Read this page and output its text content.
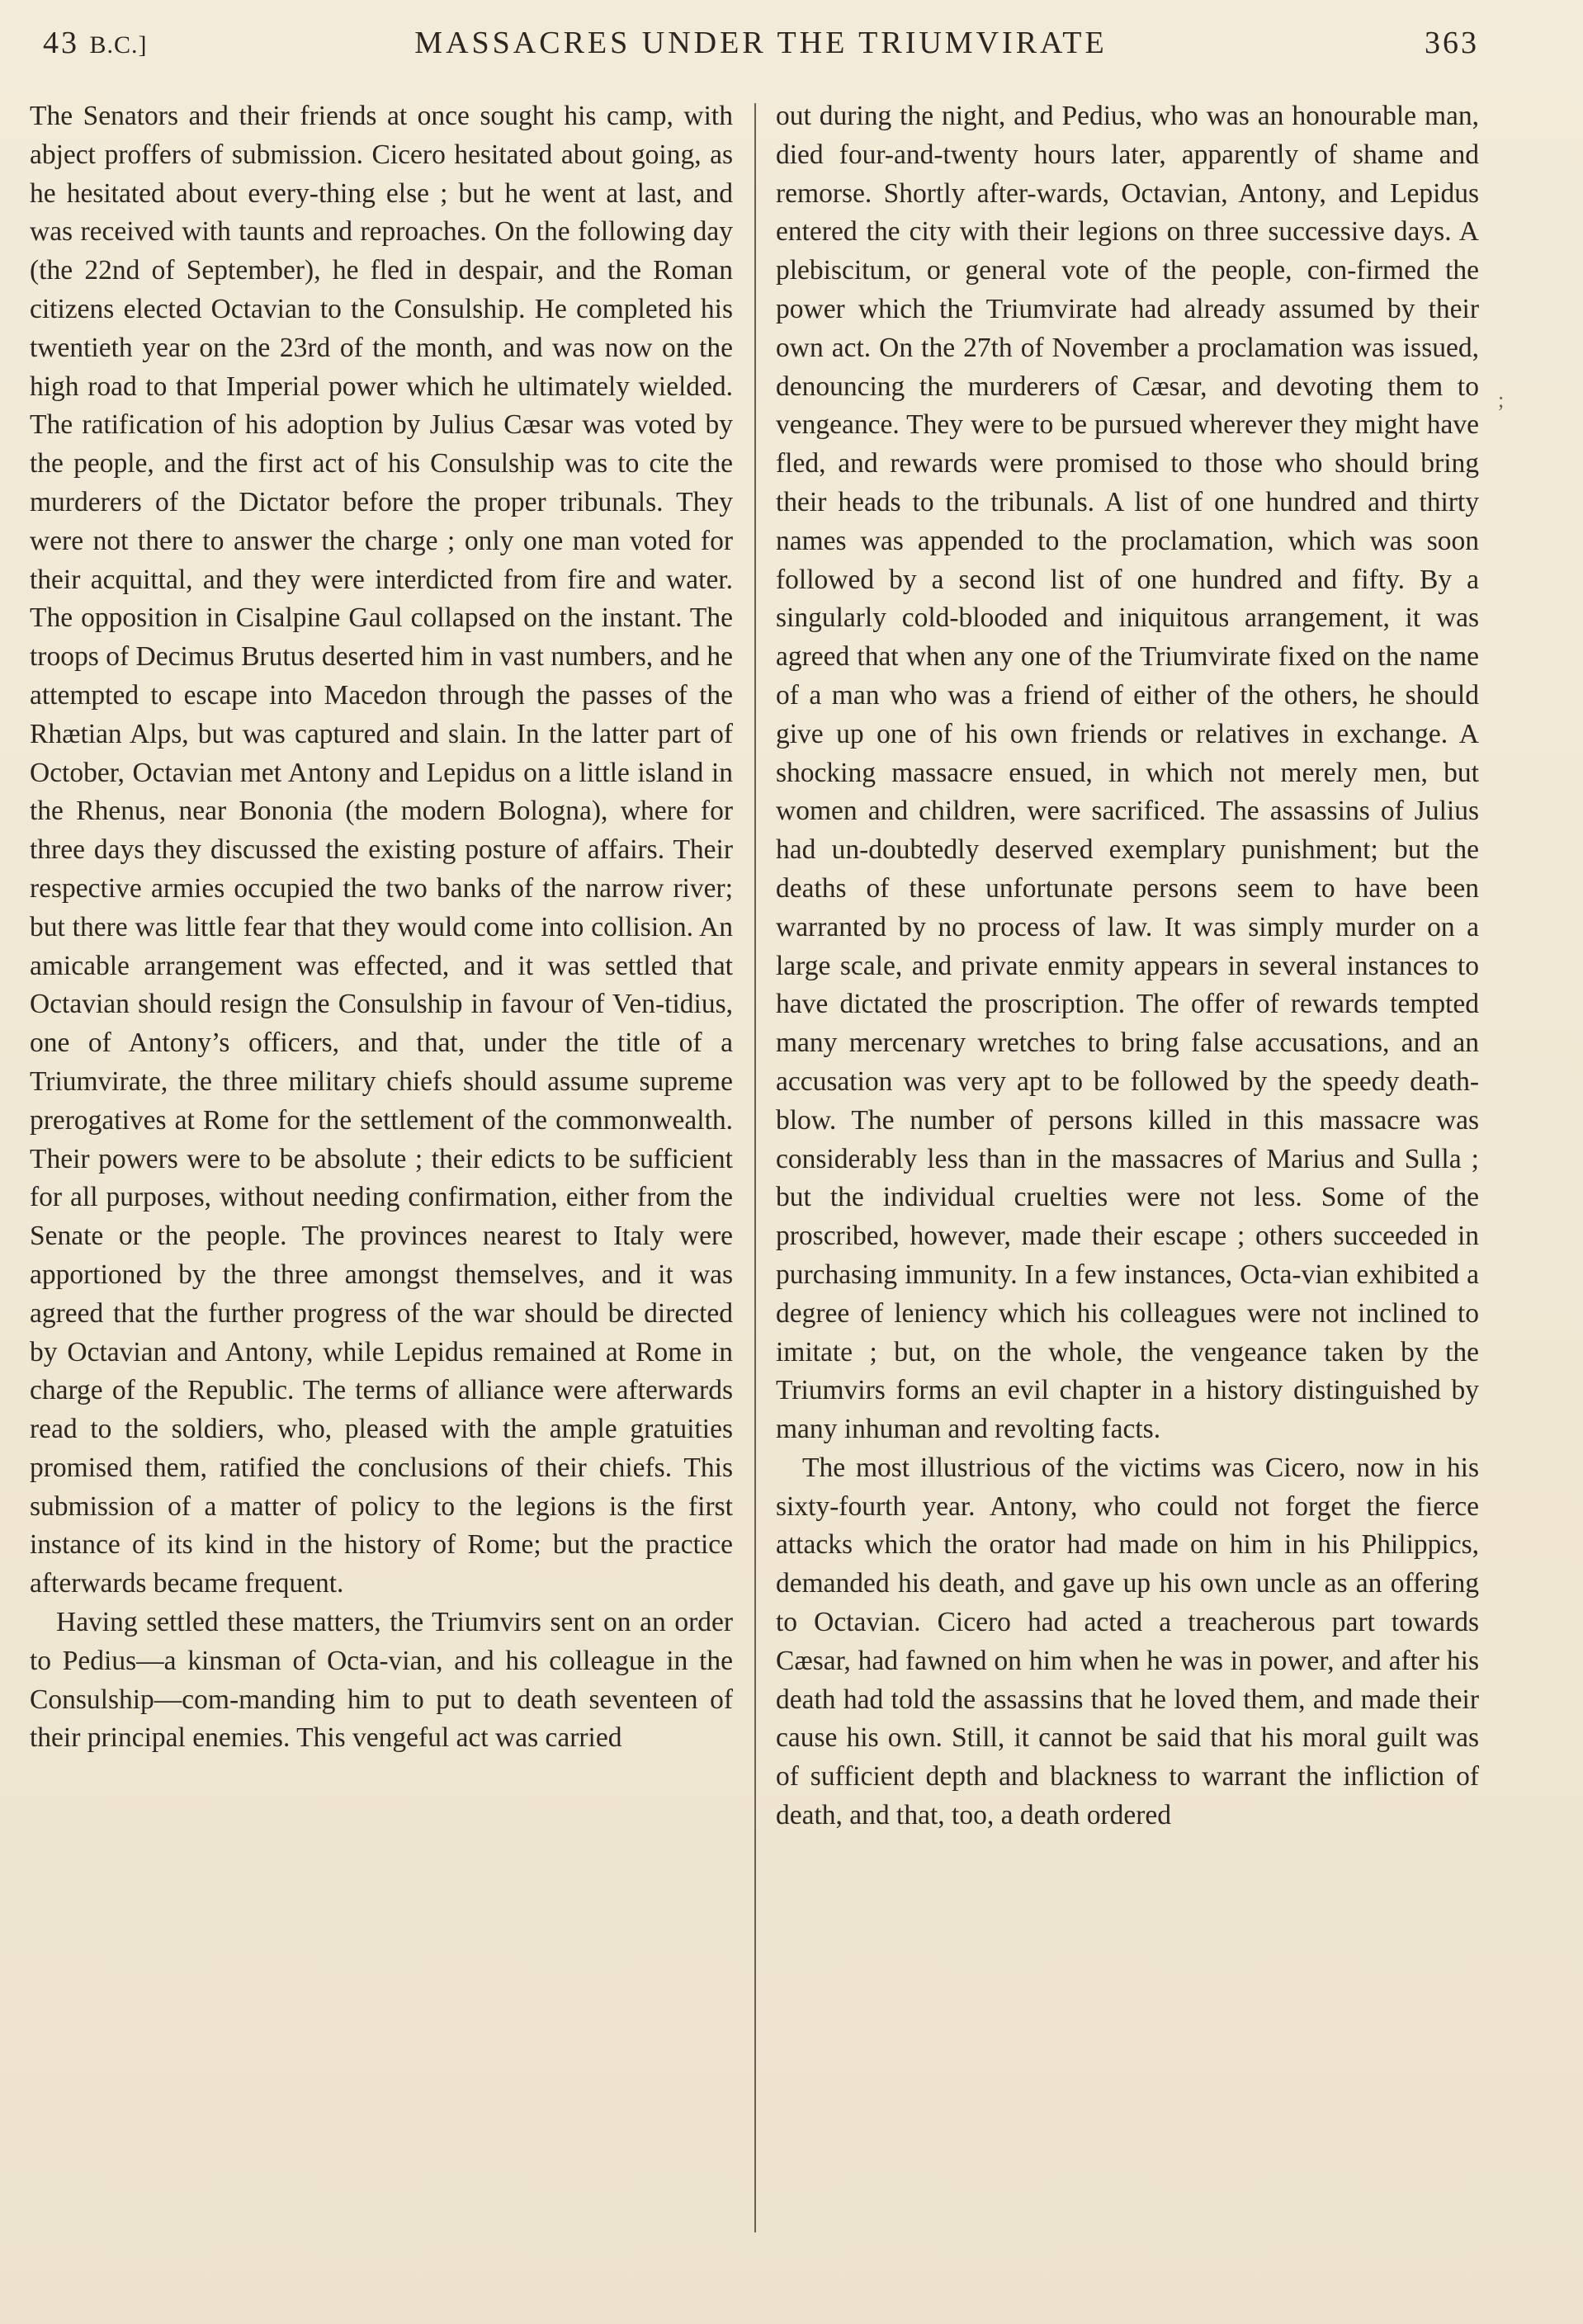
43 B.C.]	MASSACRES UNDER THE TRIUMVIRATE	363

The Senators and their friends at once sought his camp, with abject proffers of submission. Cicero hesitated about going, as he hesitated about every-thing else ; but he went at last, and was received with taunts and reproaches. On the following day (the 22nd of September), he fled in despair, and the Roman citizens elected Octavian to the Consulship. He completed his twentieth year on the 23rd of the month, and was now on the high road to that Imperial power which he ultimately wielded. The ratification of his adoption by Julius Cæsar was voted by the people, and the first act of his Consulship was to cite the murderers of the Dictator before the proper tribunals. They were not there to answer the charge ; only one man voted for their acquittal, and they were interdicted from fire and water. The opposition in Cisalpine Gaul collapsed on the instant. The troops of Decimus Brutus deserted him in vast numbers, and he attempted to escape into Macedon through the passes of the Rhætian Alps, but was captured and slain. In the latter part of October, Octavian met Antony and Lepidus on a little island in the Rhenus, near Bononia (the modern Bologna), where for three days they discussed the existing posture of affairs. Their respective armies occupied the two banks of the narrow river; but there was little fear that they would come into collision. An amicable arrangement was effected, and it was settled that Octavian should resign the Consulship in favour of Ven-tidius, one of Antony’s officers, and that, under the title of a Triumvirate, the three military chiefs should assume supreme prerogatives at Rome for the settlement of the commonwealth. Their powers were to be absolute ; their edicts to be sufficient for all purposes, without needing confirmation, either from the Senate or the people. The provinces nearest to Italy were apportioned by the three amongst themselves, and it was agreed that the further progress of the war should be directed by Octavian and Antony, while Lepidus remained at Rome in charge of the Republic. The terms of alliance were afterwards read to the soldiers, who, pleased with the ample gratuities promised them, ratified the conclusions of their chiefs. This submission of a matter of policy to the legions is the first instance of its kind in the history of Rome; but the practice afterwards became frequent.

Having settled these matters, the Triumvirs sent on an order to Pedius—a kinsman of Octa-vian, and his colleague in the Consulship—com-manding him to put to death seventeen of their principal enemies. This vengeful act was carried

out during the night, and Pedius, who was an honourable man, died four-and-twenty hours later, apparently of shame and remorse. Shortly after-wards, Octavian, Antony, and Lepidus entered the city with their legions on three successive days. A plebiscitum, or general vote of the people, con-firmed the power which the Triumvirate had already assumed by their own act. On the 27th of November a proclamation was issued, denouncing the murderers of Cæsar, and devoting them to vengeance. They were to be pursued wherever they might have fled, and rewards were promised to those who should bring their heads to the tribunals. A list of one hundred and thirty names was appended to the proclamation, which was soon followed by a second list of one hundred and fifty. By a singularly cold-blooded and iniquitous arrangement, it was agreed that when any one of the Triumvirate fixed on the name of a man who was a friend of either of the others, he should give up one of his own friends or relatives in exchange. A shocking massacre ensued, in which not merely men, but women and children, were sacrificed. The assassins of Julius had un-doubtedly deserved exemplary punishment; but the deaths of these unfortunate persons seem to have been warranted by no process of law. It was simply murder on a large scale, and private enmity appears in several instances to have dictated the proscription. The offer of rewards tempted many mercenary wretches to bring false accusations, and an accusation was very apt to be followed by the speedy death-blow. The number of persons killed in this massacre was considerably less than in the massacres of Marius and Sulla ; but the individual cruelties were not less. Some of the proscribed, however, made their escape ; others succeeded in purchasing immunity. In a few instances, Octa-vian exhibited a degree of leniency which his colleagues were not inclined to imitate ; but, on the whole, the vengeance taken by the Triumvirs forms an evil chapter in a history distinguished by many inhuman and revolting facts.

The most illustrious of the victims was Cicero, now in his sixty-fourth year. Antony, who could not forget the fierce attacks which the orator had made on him in his Philippics, demanded his death, and gave up his own uncle as an offering to Octavian. Cicero had acted a treacherous part towards Cæsar, had fawned on him when he was in power, and after his death had told the assassins that he loved them, and made their cause his own. Still, it cannot be said that his moral guilt was of sufficient depth and blackness to warrant the infliction of death, and that, too, a death ordered

;
